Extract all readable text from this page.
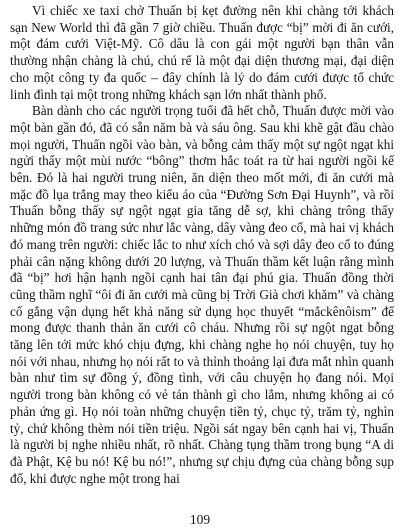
Vì chiếc xe taxi chở Thuấn bị kẹt đường nên khi chàng tới khách sạn New World thì đã gần 7 giờ chiều. Thuấn được “bị” mời đi ăn cưới, một đám cưới Việt-Mỹ. Cô dâu là con gái một người bạn thân vẫn thường nhận chàng là chú, chú rể là một đại diện thương mại, đại diện cho một công ty đa quốc – đây chính là lý do đám cưới được tổ chức linh đình tại một trong những khách sạn lớn nhất thành phố.

Bàn dành cho các người trọng tuổi đã hết chỗ, Thuấn được mời vào một bàn gần đó, đã có sẵn năm bà và sáu ông. Sau khi khẽ gật đầu chào mọi người, Thuấn ngồi vào bàn, và bỗng cảm thấy một sự ngột ngạt khi ngửi thấy một mùi nước “bông” thơm hắc toát ra từ hai người ngồi kế bên. Đó là hai người trung niên, ăn diện theo mốt mới, đi ăn cưới mà mặc đồ lụa trắng may theo kiểu áo của “Đường Sơn Đại Huynh”, và rồi Thuấn bỗng thấy sự ngột ngạt gia tăng dễ sợ, khi chàng trông thấy những món đồ trang sức như lắc vàng, dây vàng đeo cổ, mà hai vị khách đó mang trên người: chiếc lắc to như xích chó và sợi dây đeo cổ to đúng phải cân nặng không dưới 20 lượng, và Thuấn thầm kết luận rằng mình đã “bị” hơi hận hạnh ngồi cạnh hai tân đại phú gia. Thuấn đồng thời cũng thầm nghĩ “ôi đi ăn cưới mà cũng bị Trời Già chơi khăm” và chàng cố gắng vận dụng hết khả năng sử dụng học thuyết “mắckênôism” để mong được thanh thản ăn cưới cô cháu. Nhưng rồi sự ngột ngạt bỗng tăng lên tới mức khó chịu đựng, khi chàng nghe họ nói chuyện, tuy họ nói với nhau, nhưng họ nói rất to và thỉnh thoảng lại đưa mắt nhìn quanh bàn như tìm sự đồng ý, đồng tình, với câu chuyện họ đang nói. Mọi người trong bàn không có vẻ tán thành gì cho lắm, nhưng không ai có phản ứng gì. Họ nói toàn những chuyện tiền tỷ, chục tỷ, trăm tỷ, nghìn tỷ, chứ không thèm nói tiền triệu. Ngồi sát ngay bên cạnh hai vị, Thuấn là người bị nghe nhiều nhất, rõ nhất. Chàng tụng thầm trong bụng “A di đà Phật, Kệ bu nó! Kệ bu nó!”, nhưng sự chịu đựng của chàng bỗng sụp đổ, khi được nghe một trong hai

109
